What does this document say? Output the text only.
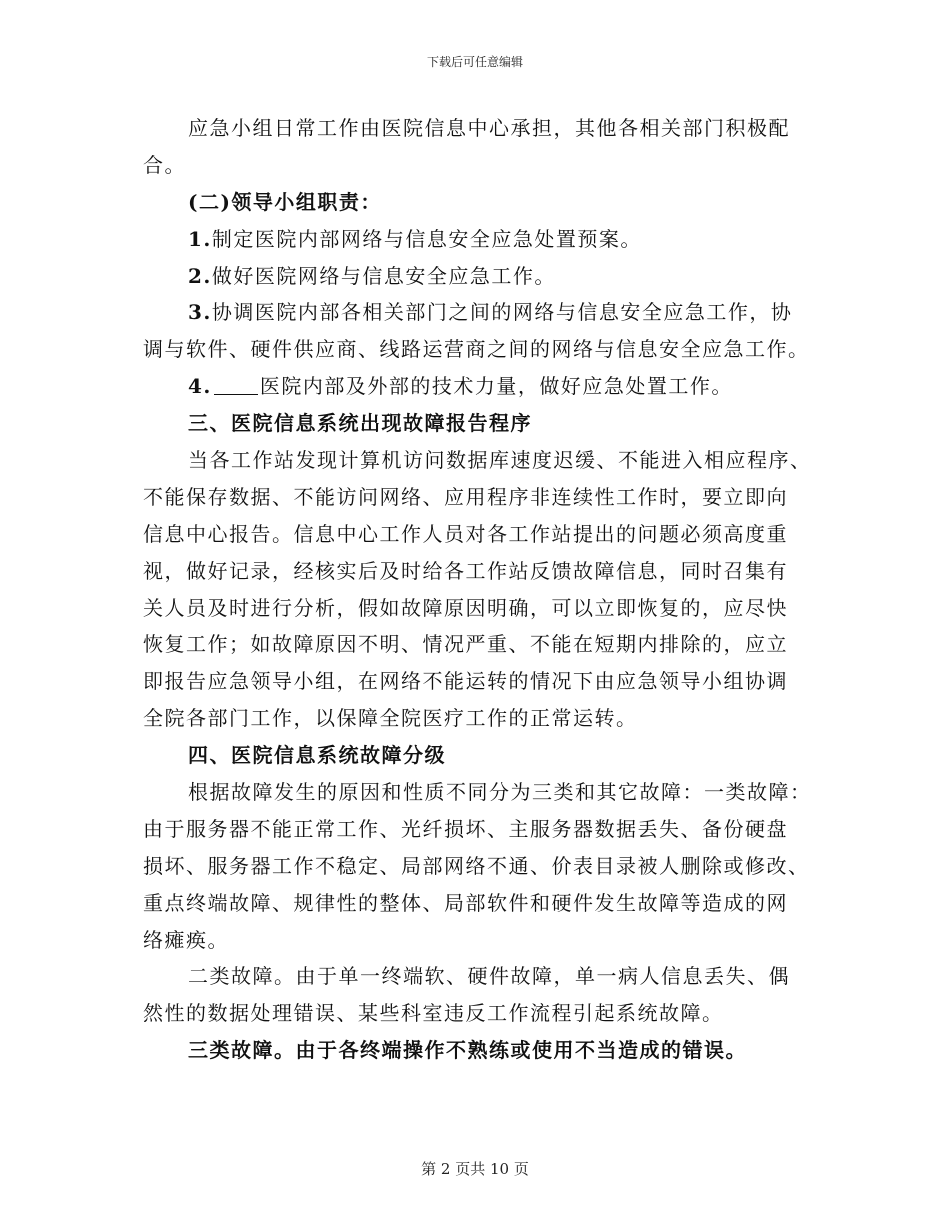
下载后可任意编辑
应急小组日常工作由医院信息中心承担，其他各相关部门积极配
合。
(二)领导小组职责：
1.制定医院内部网络与信息安全应急处置预案。
2.做好医院网络与信息安全应急工作。
3.协调医院内部各相关部门之间的网络与信息安全应急工作，协
调与软件、硬件供应商、线路运营商之间的网络与信息安全应急工作。
4. 医院内部及外部的技术力量，做好应急处置工作。
三、医院信息系统出现故障报告程序
当各工作站发现计算机访问数据库速度迟缓、不能进入相应程序、
不能保存数据、不能访问网络、应用程序非连续性工作时，要立即向
信息中心报告。信息中心工作人员对各工作站提出的问题必须高度重
视，做好记录，经核实后及时给各工作站反馈故障信息，同时召集有
关人员及时进行分析，假如故障原因明确，可以立即恢复的，应尽快
恢复工作；如故障原因不明、情况严重、不能在短期内排除的，应立
即报告应急领导小组，在网络不能运转的情况下由应急领导小组协调
全院各部门工作，以保障全院医疗工作的正常运转。
四、医院信息系统故障分级
根据故障发生的原因和性质不同分为三类和其它故障：一类故障：
由于服务器不能正常工作、光纤损坏、主服务器数据丢失、备份硬盘
损坏、服务器工作不稳定、局部网络不通、价表目录被人删除或修改、
重点终端故障、规律性的整体、局部软件和硬件发生故障等造成的网
络瘫痪。
二类故障。由于单一终端软、硬件故障，单一病人信息丢失、偶
然性的数据处理错误、某些科室违反工作流程引起系统故障。
三类故障。由于各终端操作不熟练或使用不当造成的错误。
第 2 页共 10 页
